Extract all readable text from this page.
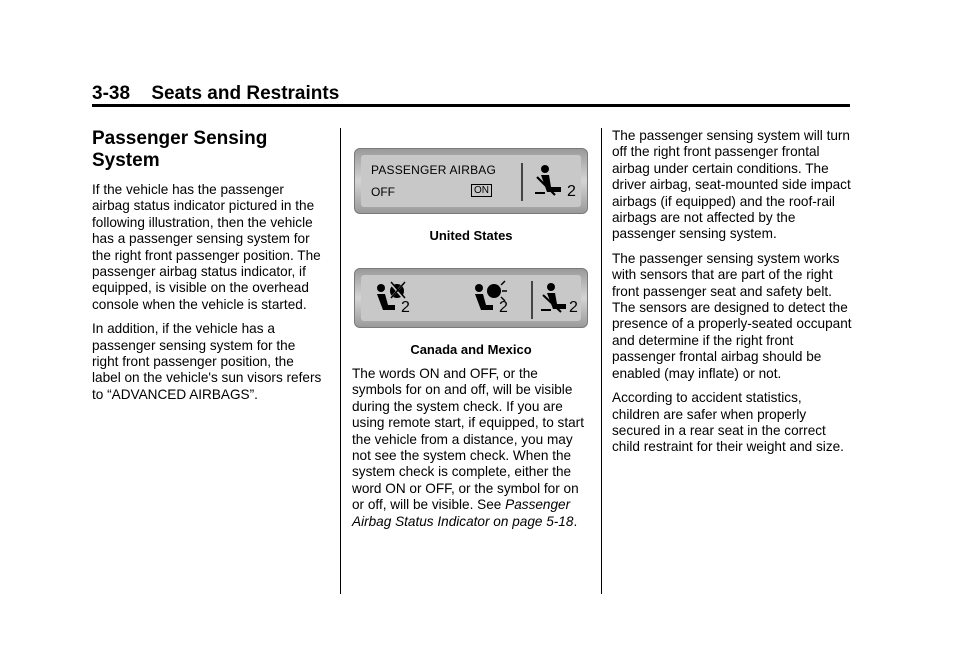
3-38 Seats and Restraints
Passenger Sensing System

If the vehicle has the passenger airbag status indicator pictured in the following illustration, then the vehicle has a passenger sensing system for the right front passenger position. The passenger airbag status indicator, if equipped, is visible on the overhead console when the vehicle is started.

In addition, if the vehicle has a passenger sensing system for the right front passenger position, the label on the vehicle's sun visors refers to “ADVANCED AIRBAGS”.

PASSENGER AIRBAG
OFF	ON	2
United States
2	2	2
Canada and Mexico

The words ON and OFF, or the symbols for on and off, will be visible during the system check. If you are using remote start, if equipped, to start the vehicle from a distance, you may not see the system check. When the system check is complete, either the word ON or OFF, or the symbol for on or off, will be visible. See Passenger Airbag Status Indicator on page 5-18.

The passenger sensing system will turn off the right front passenger frontal airbag under certain conditions. The driver airbag, seat-mounted side impact airbags (if equipped) and the roof-rail airbags are not affected by the passenger sensing system.

The passenger sensing system works with sensors that are part of the right front passenger seat and safety belt. The sensors are designed to detect the presence of a properly-seated occupant and determine if the right front passenger frontal airbag should be enabled (may inflate) or not.

According to accident statistics, children are safer when properly secured in a rear seat in the correct child restraint for their weight and size.
